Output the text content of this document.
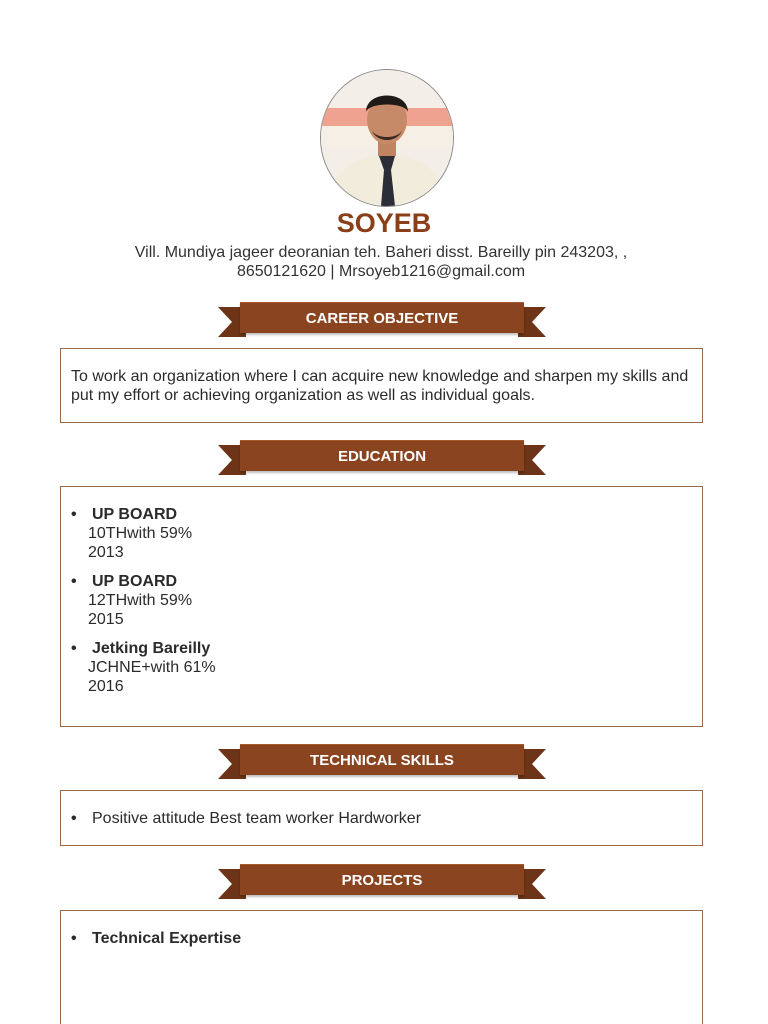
SOYEB
Vill. Mundiya jageer deoranian teh. Baheri disst. Bareilly pin 243203, ,
8650121620 | Mrsoyeb1216@gmail.com
CAREER OBJECTIVE

To work an organization where I can acquire new knowledge and sharpen my skills and put my effort or achieving organization as well as individual goals.

EDUCATION
• UP BOARD
10THwith 59%
2013
• UP BOARD
12THwith 59%
2015
• Jetking Bareilly
JCHNE+with 61%
2016
TECHNICAL SKILLS
• Positive attitude Best team worker Hardworker
PROJECTS
• Technical Expertise
